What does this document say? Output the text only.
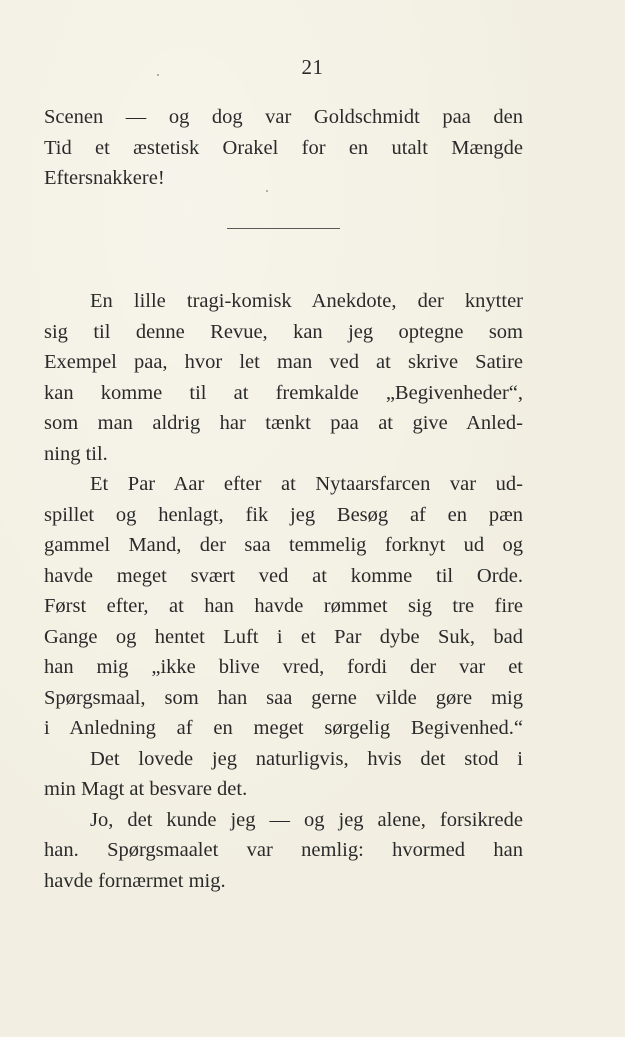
21
Scenen — og dog var Goldschmidt paa den
Tid et æstetisk Orakel for en utalt Mængde
Eftersnakkere!
En lille tragi-komisk Anekdote, der knytter
sig til denne Revue, kan jeg optegne som
Exempel paa, hvor let man ved at skrive Satire
kan komme til at fremkalde „Begivenheder“,
som man aldrig har tænkt paa at give Anled-
ning til.
Et Par Aar efter at Nytaarsfarcen var ud-
spillet og henlagt, fik jeg Besøg af en pæn
gammel Mand, der saa temmelig forknyt ud og
havde meget svært ved at komme til Orde.
Først efter, at han havde rømmet sig tre fire
Gange og hentet Luft i et Par dybe Suk, bad
han mig „ikke blive vred, fordi der var et
Spørgsmaal, som han saa gerne vilde gøre mig
i Anledning af en meget sørgelig Begivenhed.“
Det lovede jeg naturligvis, hvis det stod i
min Magt at besvare det.
Jo, det kunde jeg — og jeg alene, forsikrede
han. Spørgsmaalet var nemlig: hvormed han
havde fornærmet mig.
